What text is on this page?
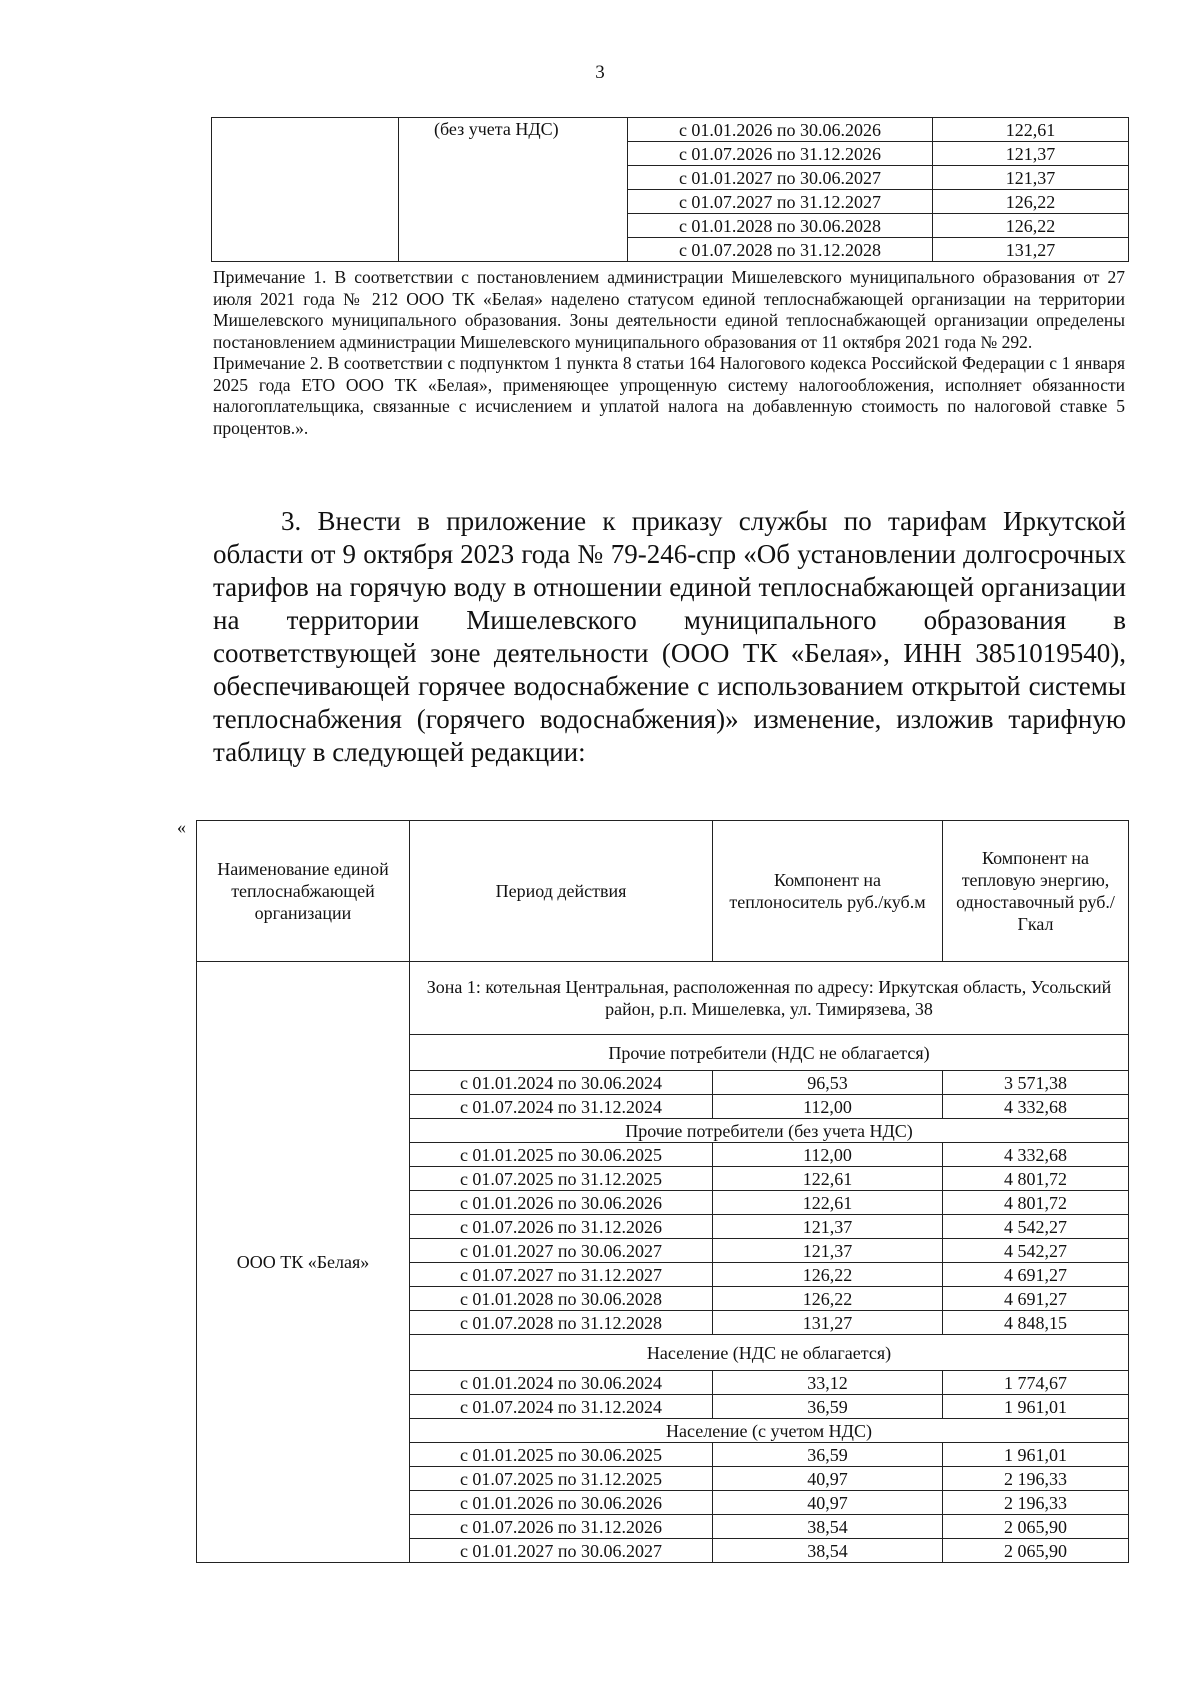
3
	(без учета НДС)	с 01.01.2026 по 30.06.2026	122,61
		с 01.07.2026 по 31.12.2026	121,37
		с 01.01.2027 по 30.06.2027	121,37
		с 01.07.2027 по 31.12.2027	126,22
		с 01.01.2028 по 30.06.2028	126,22
		с 01.07.2028 по 31.12.2028	131,27

Примечание 1. В соответствии с постановлением администрации Мишелевского муниципального образования от 27 июля 2021 года № 212 ООО ТК «Белая» наделено статусом единой теплоснабжающей организации на территории Мишелевского муниципального образования. Зоны деятельности единой теплоснабжающей организации определены постановлением администрации Мишелевского муниципального образования от 11 октября 2021 года № 292.

Примечание 2. В соответствии с подпунктом 1 пункта 8 статьи 164 Налогового кодекса Российской Федерации с 1 января 2025 года ЕТО ООО ТК «Белая», применяющее упрощенную систему налогообложения, исполняет обязанности налогоплательщика, связанные с исчислением и уплатой налога на добавленную стоимость по налоговой ставке 5 процентов.».

3. Внести в приложение к приказу службы по тарифам Иркутской области от 9 октября 2023 года № 79-246-спр «Об установлении долгосрочных тарифов на горячую воду в отношении единой теплоснабжающей организации на территории Мишелевского муниципального образования в соответствующей зоне деятельности (ООО ТК «Белая», ИНН 3851019540), обеспечивающей горячее водоснабжение с использованием открытой системы теплоснабжения (горячего водоснабжения)» изменение, изложив тарифную таблицу в следующей редакции:

«
Наименование единой теплоснабжающей организации	Период действия	Компонент на теплоноситель руб./куб.м	Компонент на тепловую энергию, одноставочный руб./Гкал
ООО ТК «Белая»	Зона 1: котельная Центральная, расположенная по адресу: Иркутская область, Усольский район, р.п. Мишелевка, ул. Тимирязева, 38		
	Прочие потребители (НДС не облагается)		
	с 01.01.2024 по 30.06.2024	96,53	3 571,38
	с 01.07.2024 по 31.12.2024	112,00	4 332,68
	Прочие потребители (без учета НДС)		
	с 01.01.2025 по 30.06.2025	112,00	4 332,68
	с 01.07.2025 по 31.12.2025	122,61	4 801,72
	с 01.01.2026 по 30.06.2026	122,61	4 801,72
	с 01.07.2026 по 31.12.2026	121,37	4 542,27
	с 01.01.2027 по 30.06.2027	121,37	4 542,27
	с 01.07.2027 по 31.12.2027	126,22	4 691,27
	с 01.01.2028 по 30.06.2028	126,22	4 691,27
	с 01.07.2028 по 31.12.2028	131,27	4 848,15
	Население (НДС не облагается)		
	с 01.01.2024 по 30.06.2024	33,12	1 774,67
	с 01.07.2024 по 31.12.2024	36,59	1 961,01
	Население (с учетом НДС)		
	с 01.01.2025 по 30.06.2025	36,59	1 961,01
	с 01.07.2025 по 31.12.2025	40,97	2 196,33
	с 01.01.2026 по 30.06.2026	40,97	2 196,33
	с 01.07.2026 по 31.12.2026	38,54	2 065,90
	с 01.01.2027 по 30.06.2027	38,54	2 065,90
